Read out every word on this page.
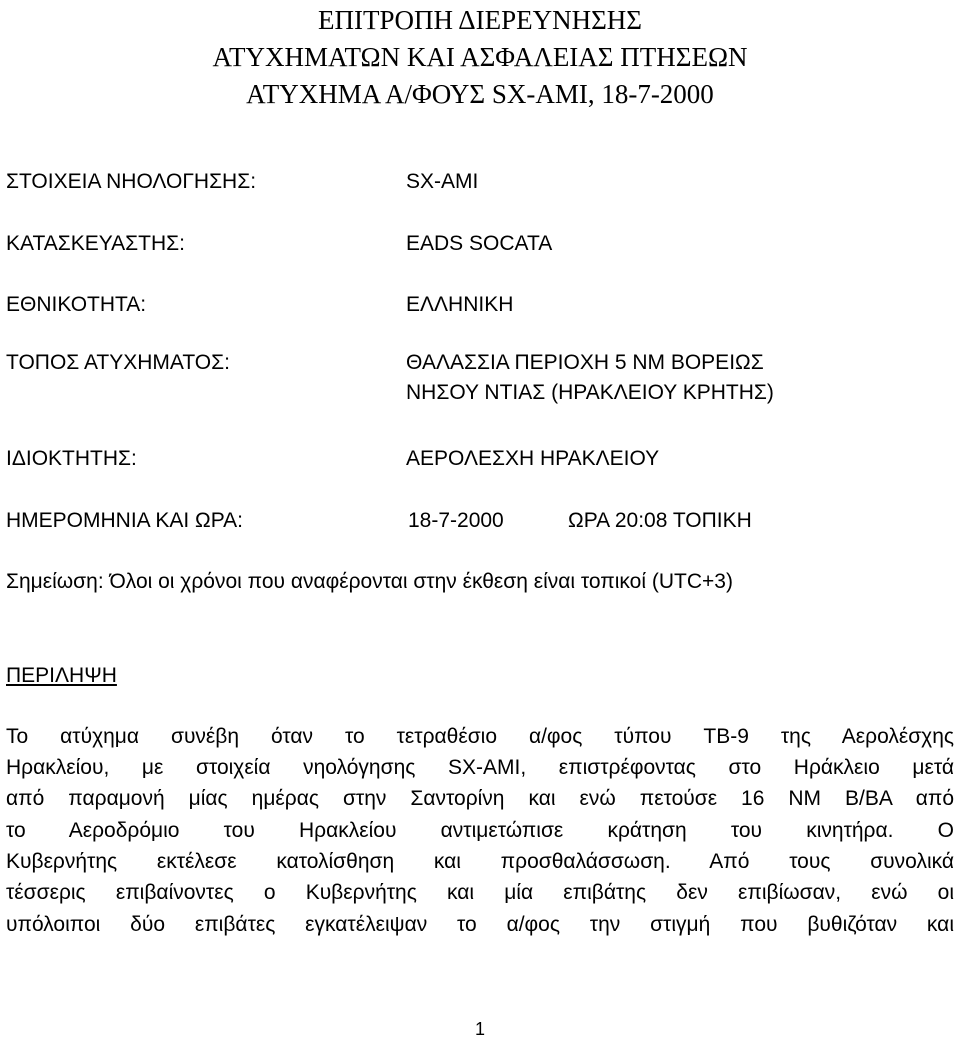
ΕΠΙΤΡΟΠΗ ΔΙΕΡΕΥΝΗΣΗΣ
ΑΤΥΧΗΜΑΤΩΝ ΚΑΙ ΑΣΦΑΛΕΙΑΣ ΠΤΗΣΕΩΝ
ΑΤΥΧΗΜΑ Α/ΦΟΥΣ SX-AMI, 18-7-2000
ΣΤΟΙΧΕΙΑ ΝΗΟΛΟΓΗΣΗΣ:	SX-AMI
ΚΑΤΑΣΚΕΥΑΣΤΗΣ:	EADS SOCATA
ΕΘΝΙΚΟΤΗΤΑ:	ΕΛΛΗΝΙΚΗ
ΤΟΠΟΣ ΑΤΥΧΗΜΑΤΟΣ:	ΘΑΛΑΣΣΙΑ ΠΕΡΙΟΧΗ 5 ΝΜ ΒΟΡΕΙΩΣ
ΝΗΣΟΥ ΝΤΙΑΣ (ΗΡΑΚΛΕΙΟΥ ΚΡΗΤΗΣ)
ΙΔΙΟΚΤΗΤΗΣ:	ΑΕΡΟΛΕΣΧΗ ΗΡΑΚΛΕΙΟΥ
ΗΜΕΡΟΜΗΝΙΑ ΚΑΙ ΩΡΑ:	18-7-2000	ΩΡΑ 20:08 ΤΟΠΙΚΗ
Σημείωση: Όλοι οι χρόνοι που αναφέρονται στην έκθεση είναι τοπικοί (UTC+3)
ΠΕΡΙΛΗΨΗ
Το ατύχημα συνέβη όταν το τετραθέσιο α/φος τύπου TB-9 της Αερολέσχης
Ηρακλείου, με στοιχεία νηολόγησης SX-AMI, επιστρέφοντας στο Ηράκλειο μετά
από παραμονή μίας ημέρας στην Σαντορίνη και ενώ πετούσε 16 ΝΜ Β/ΒΑ από
το Αεροδρόμιο του Ηρακλείου αντιμετώπισε κράτηση του κινητήρα. Ο
Κυβερνήτης εκτέλεσε κατολίσθηση και προσθαλάσσωση. Από τους συνολικά
τέσσερις επιβαίνοντες ο Κυβερνήτης και μία επιβάτης δεν επιβίωσαν, ενώ οι
υπόλοιποι δύο επιβάτες εγκατέλειψαν το α/φος την στιγμή που βυθιζόταν και
1
